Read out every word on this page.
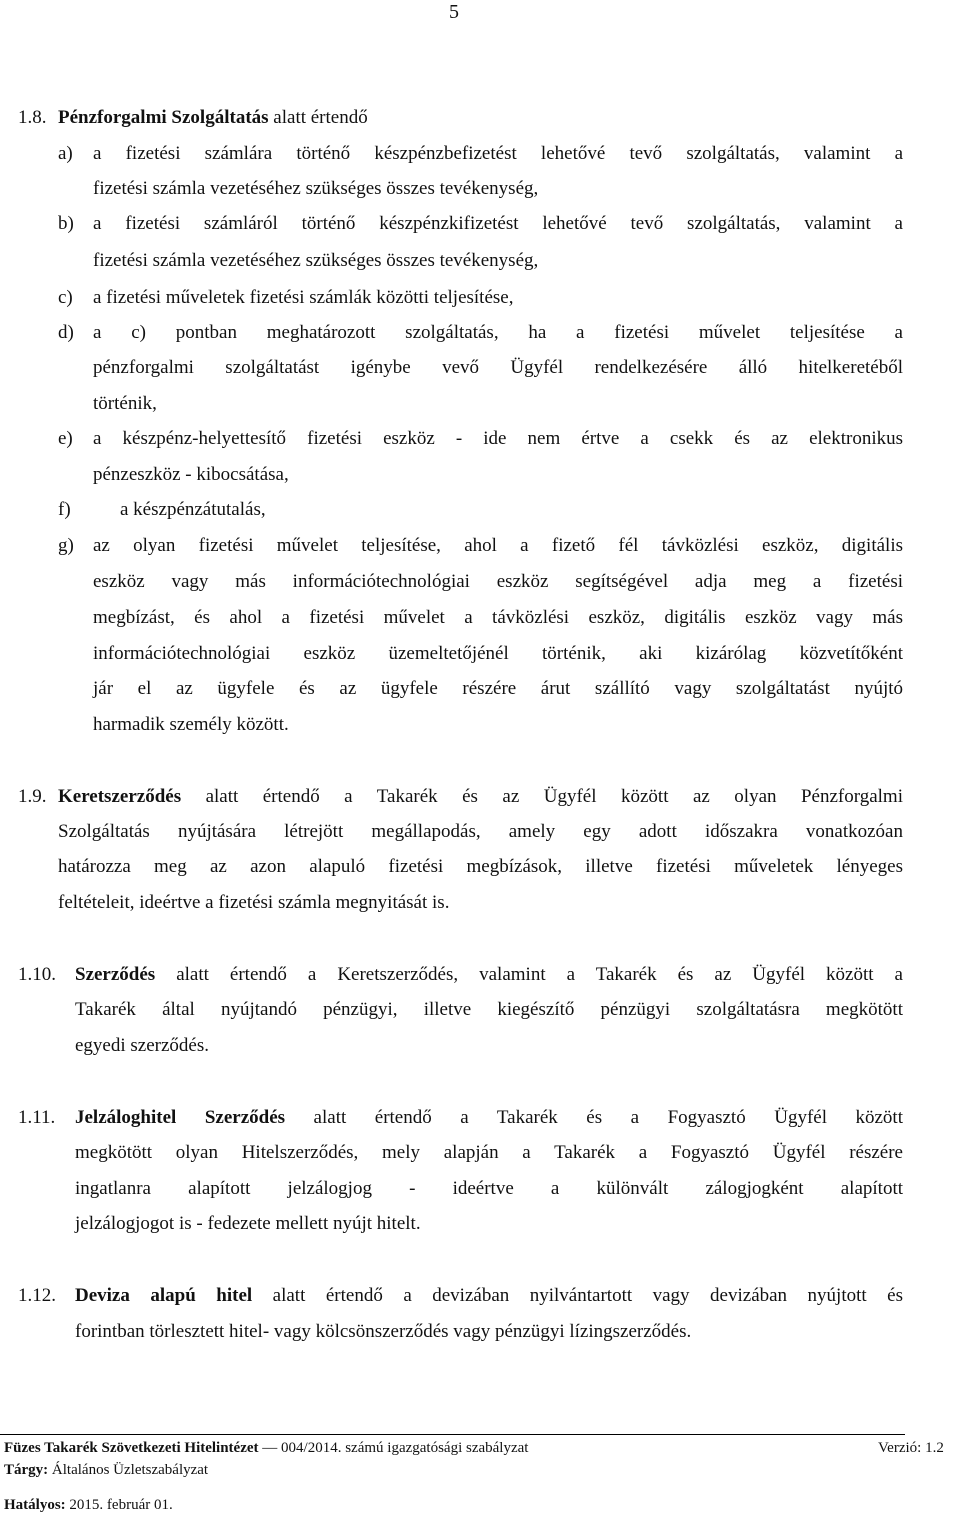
5
1.8. Pénzforgalmi Szolgáltatás alatt értendő
a) a fizetési számlára történő készpénzbefizetést lehetővé tevő szolgáltatás, valamint a
fizetési számla vezetéséhez szükséges összes tevékenység,
b) a fizetési számláról történő készpénzkifizetést lehetővé tevő szolgáltatás, valamint a
fizetési számla vezetéséhez szükséges összes tevékenység,
c) a fizetési műveletek fizetési számlák közötti teljesítése,
d) a c) pontban meghatározott szolgáltatás, ha a fizetési művelet teljesítése a
pénzforgalmi szolgáltatást igénybe vevő Ügyfél rendelkezésére álló hitelkeretéből
történik,
e) a készpénz-helyettesítő fizetési eszköz - ide nem értve a csekk és az elektronikus
pénzeszköz - kibocsátása,
f)	a készpénzátutalás,
g) az olyan fizetési művelet teljesítése, ahol a fizető fél távközlési eszköz, digitális
eszköz vagy más információtechnológiai eszköz segítségével adja meg a fizetési
megbízást, és ahol a fizetési művelet a távközlési eszköz, digitális eszköz vagy más
információtechnológiai eszköz üzemeltetőjénél történik, aki kizárólag közvetítőként
jár el az ügyfele és az ügyfele részére árut szállító vagy szolgáltatást nyújtó
harmadik személy között.
1.9. Keretszerződés alatt értendő a Takarék és az Ügyfél között az olyan Pénzforgalmi
Szolgáltatás nyújtására létrejött megállapodás, amely egy adott időszakra vonatkozóan
határozza meg az azon alapuló fizetési megbízások, illetve fizetési műveletek lényeges
feltételeit, ideértve a fizetési számla megnyitását is.
1.10. Szerződés alatt értendő a Keretszerződés, valamint a Takarék és az Ügyfél között a
Takarék által nyújtandó pénzügyi, illetve kiegészítő pénzügyi szolgáltatásra megkötött
egyedi szerződés.
1.11. Jelzáloghitel Szerződés alatt értendő a Takarék és a Fogyasztó Ügyfél között
megkötött olyan Hitelszerződés, mely alapján a Takarék a Fogyasztó Ügyfél részére
ingatlanra alapított jelzálogjog - ideértve a különvált zálogjogként alapított
jelzálogjogot is - fedezete mellett nyújt hitelt.
1.12. Deviza alapú hitel alatt értendő a devizában nyilvántartott vagy devizában nyújtott és
forintban törlesztett hitel- vagy kölcsönszerződés vagy pénzügyi lízingszerződés.
Füzes Takarék Szövetkezeti Hitelintézet — 004/2014. számú igazgatósági szabályzat	Verzió: 1.2
Tárgy: Általános Üzletszabályzat
Hatályos: 2015. február 01.
